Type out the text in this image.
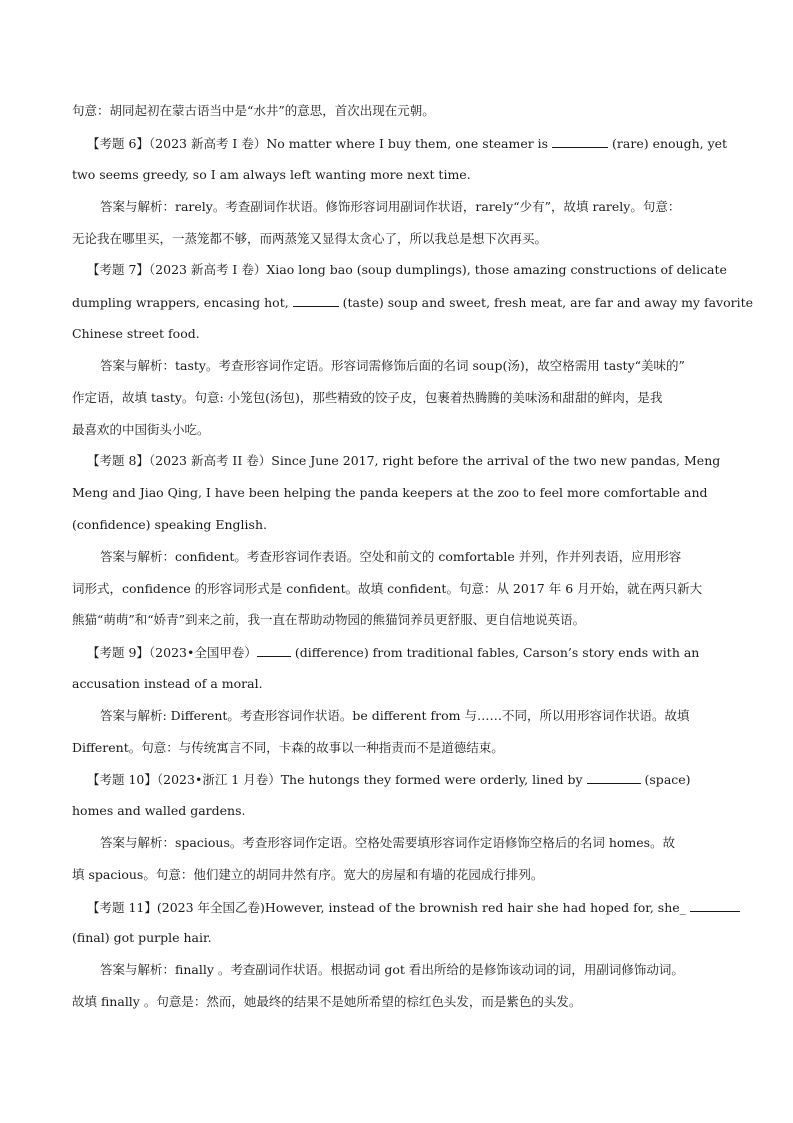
句意：胡同起初在蒙古语当中是“水井”的意思，首次出现在元朝。
【考题 6】（2023 新高考 I 卷）No matter where I buy them, one steamer is	(rare) enough, yet
two seems greedy, so I am always left wanting more next time.
答案与解析：rarely。考查副词作状语。修饰形容词用副词作状语，rarely“少有”，故填 rarely。句意：
无论我在哪里买，一蒸笼都不够，而两蒸笼又显得太贪心了，所以我总是想下次再买。
【考题 7】（2023 新高考 I 卷）Xiao long bao (soup dumplings), those amazing constructions of delicate
dumpling wrappers, encasing hot,	(taste) soup and sweet, fresh meat, are far and away my favorite
Chinese street food.
答案与解析：tasty。考查形容词作定语。形容词需修饰后面的名词 soup(汤)，故空格需用 tasty“美味的”
作定语，故填 tasty。句意: 小笼包(汤包)，那些精致的饺子皮，包裹着热腾腾的美味汤和甜甜的鲜肉，是我
最喜欢的中国街头小吃。
【考题 8】（2023 新高考 II 卷）Since June 2017, right before the arrival of the two new pandas, Meng
Meng and Jiao Qing, I have been helping the panda keepers at the zoo to feel more comfortable and
(confidence) speaking English.
答案与解析：confident。考查形容词作表语。空处和前文的 comfortable 并列，作并列表语，应用形容
词形式，confidence 的形容词形式是 confident。故填 confident。句意：从 2017 年 6 月开始，就在两只新大
熊猫“萌萌”和“娇青”到来之前，我一直在帮助动物园的熊猫饲养员更舒服、更自信地说英语。
【考题 9】（2023•全国甲卷）	(difference) from traditional fables, Carson’s story ends with an
accusation instead of a moral.
答案与解析: Different。考查形容词作状语。be different from 与……不同，所以用形容词作状语。故填
Different。句意：与传统寓言不同，卡森的故事以一种指责而不是道德结束。
【考题 10】（2023•浙江 1 月卷）The hutongs they formed were orderly, lined by	(space)
homes and walled gardens.
答案与解析：spacious。考查形容词作定语。空格处需要填形容词作定语修饰空格后的名词 homes。故
填 spacious。句意：他们建立的胡同井然有序。宽大的房屋和有墙的花园成行排列。
【考题 11】(2023 年全国乙卷)However, instead of the brownish red hair she had hoped for, she_
(final) got purple hair.
答案与解析：finally 。考查副词作状语。根据动词 got 看出所给的是修饰该动词的词，用副词修饰动词。
故填 finally 。句意是：然而，她最终的结果不是她所希望的棕红色头发，而是紫色的头发。
